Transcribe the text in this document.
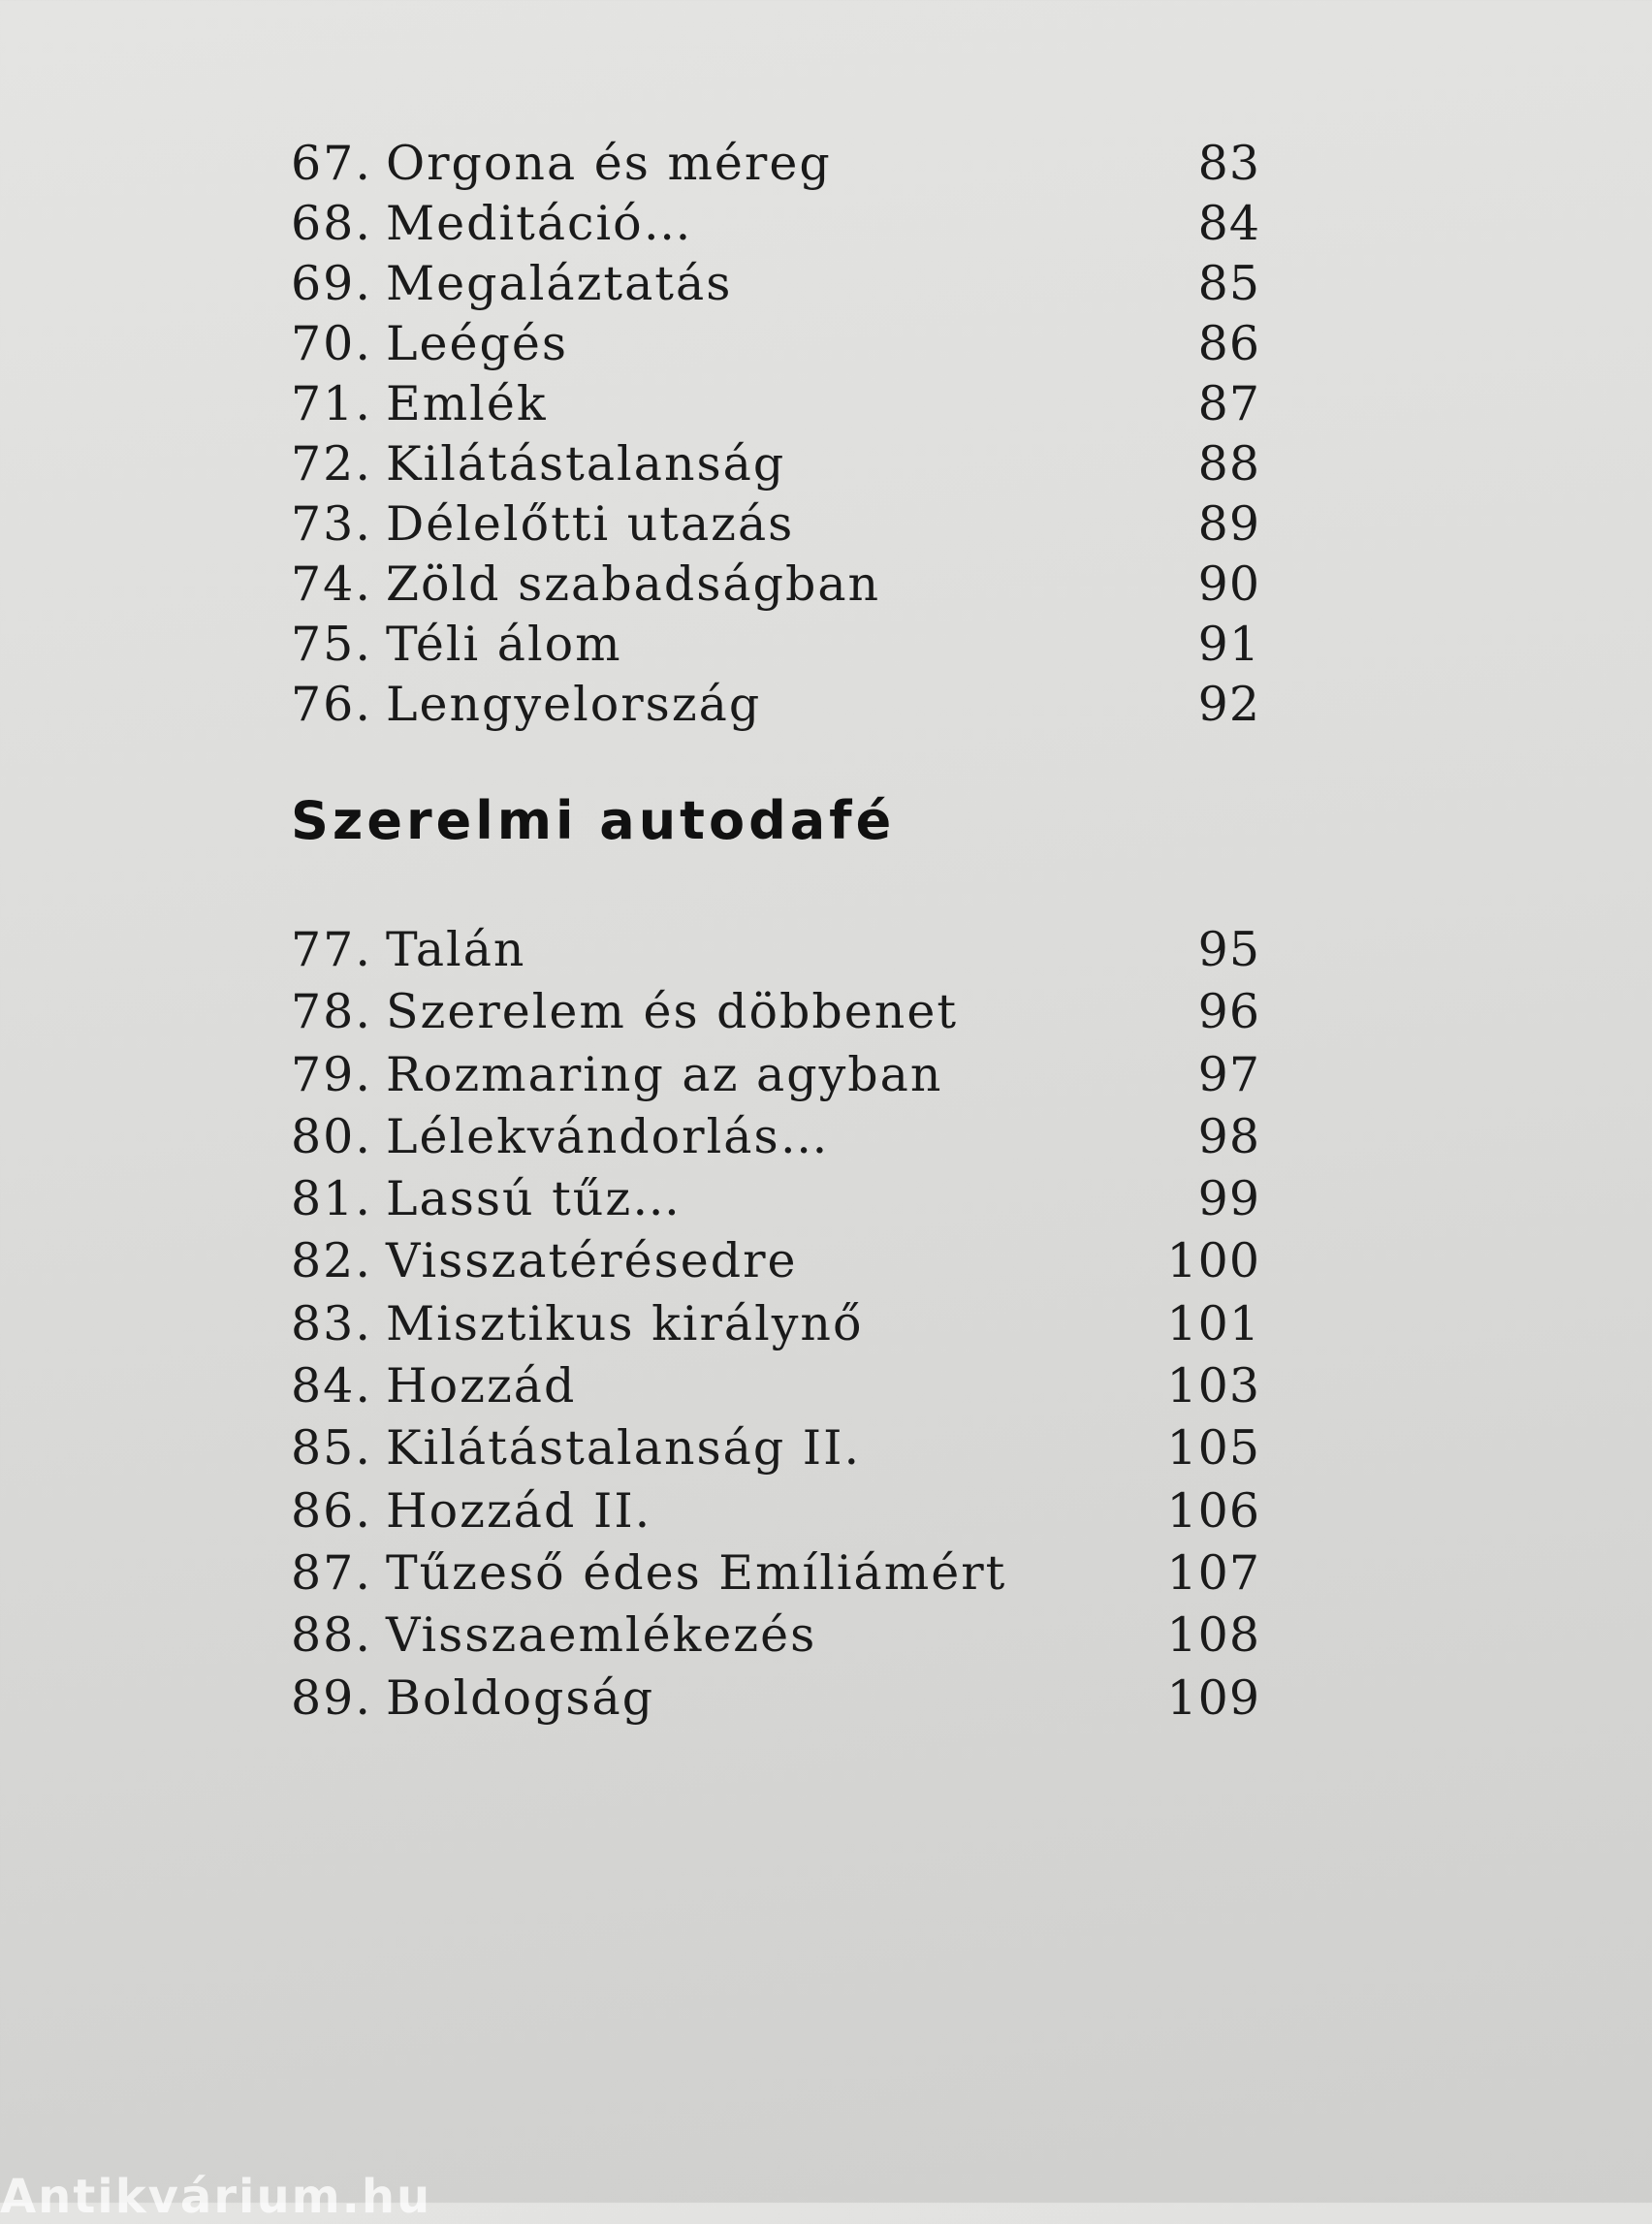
67. Orgona és méreg	83
68. Meditáció…	84
69. Megaláztatás	85
70. Leégés	86
71. Emlék	87
72. Kilátástalanság	88
73. Délelőtti utazás	89
74. Zöld szabadságban	90
75. Téli álom	91
76. Lengyelország	92
Szerelmi autodafé
77. Talán	95
78. Szerelem és döbbenet	96
79. Rozmaring az agyban	97
80. Lélekvándorlás…	98
81. Lassú tűz…	99
82. Visszatérésedre	100
83. Misztikus királynő	101
84. Hozzád	103
85. Kilátástalanság II.	105
86. Hozzád II.	106
87. Tűzeső édes Emíliámért	107
88. Visszaemlékezés	108
89. Boldogság	109
Antikvárium.hu
